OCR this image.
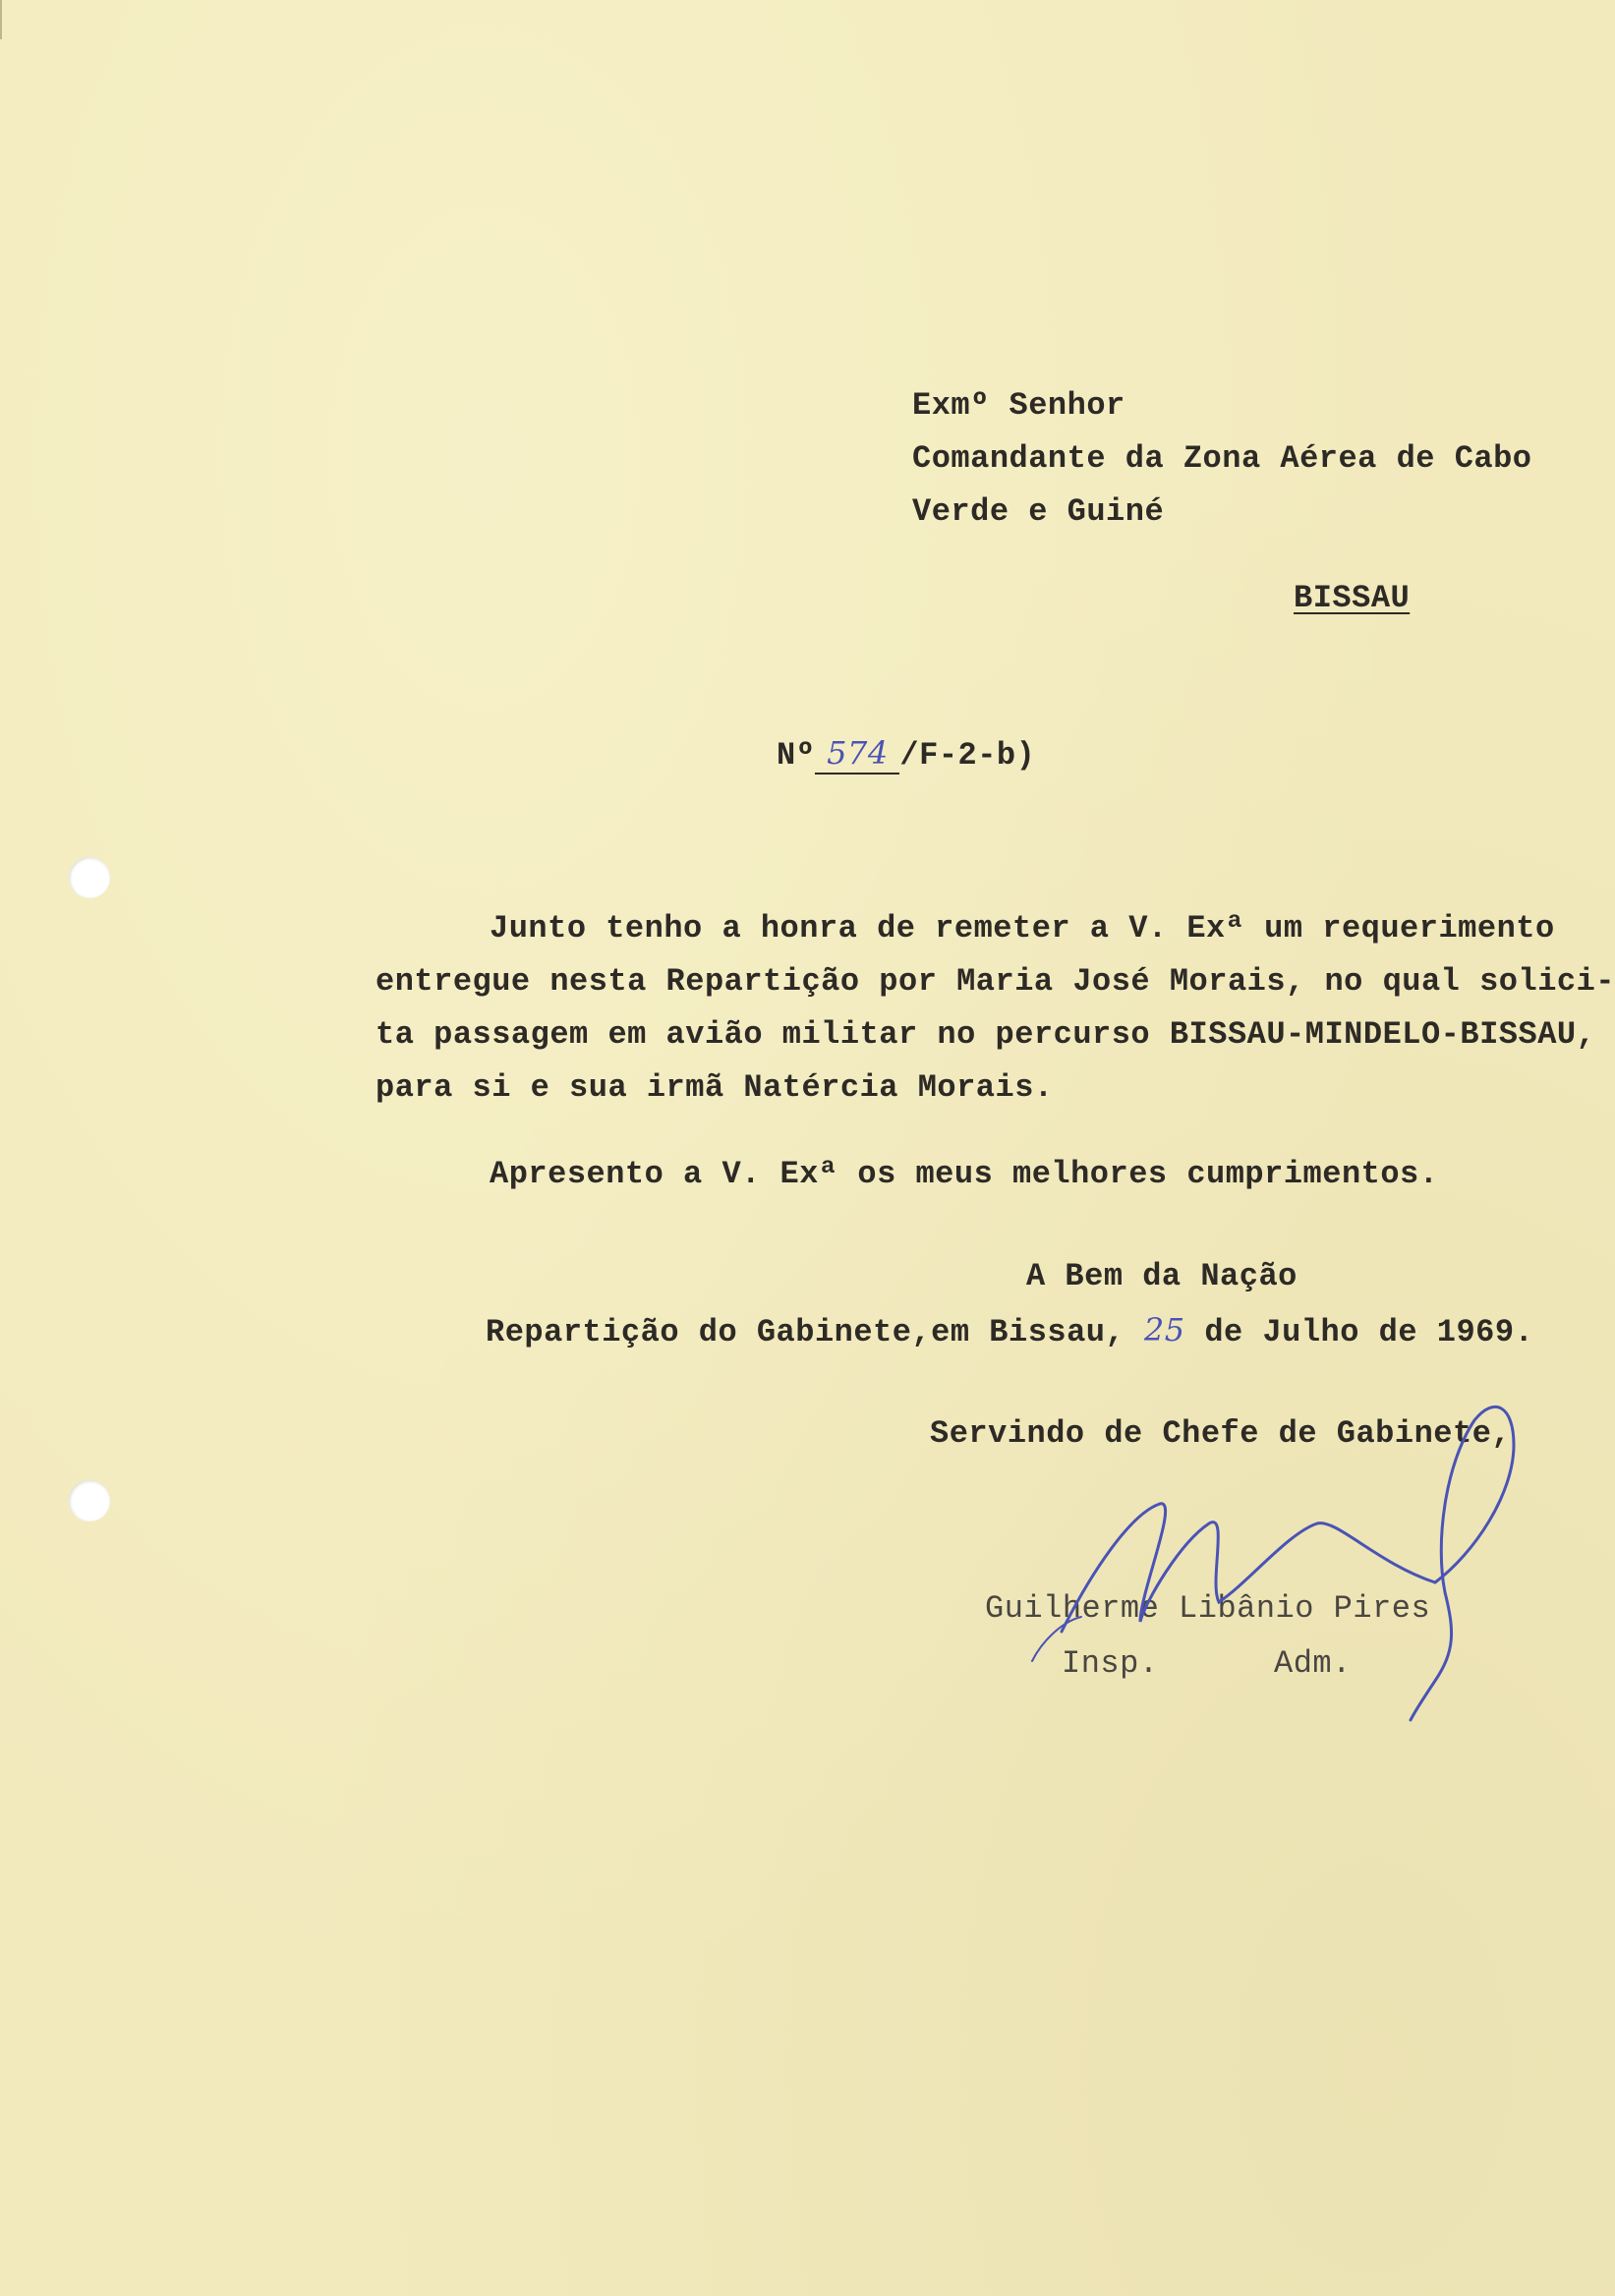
Exmº Senhor
Comandante da Zona Aérea de Cabo
Verde e Guiné
BISSAU
Nº 574 /F-2-b)
Junto tenho a honra de remeter a V. Exª um requerimento
entregue nesta Repartição por Maria José Morais, no qual solici-
ta passagem em avião militar no percurso BISSAU-MINDELO-BISSAU,
para si e sua irmã Natércia Morais.
Apresento a V. Exª os meus melhores cumprimentos.
A Bem da Nação
Repartição do Gabinete,em Bissau, 25 de Julho de 1969.
Servindo de Chefe de Gabinete,
Guilherme Libânio Pires
Insp.	Adm.
